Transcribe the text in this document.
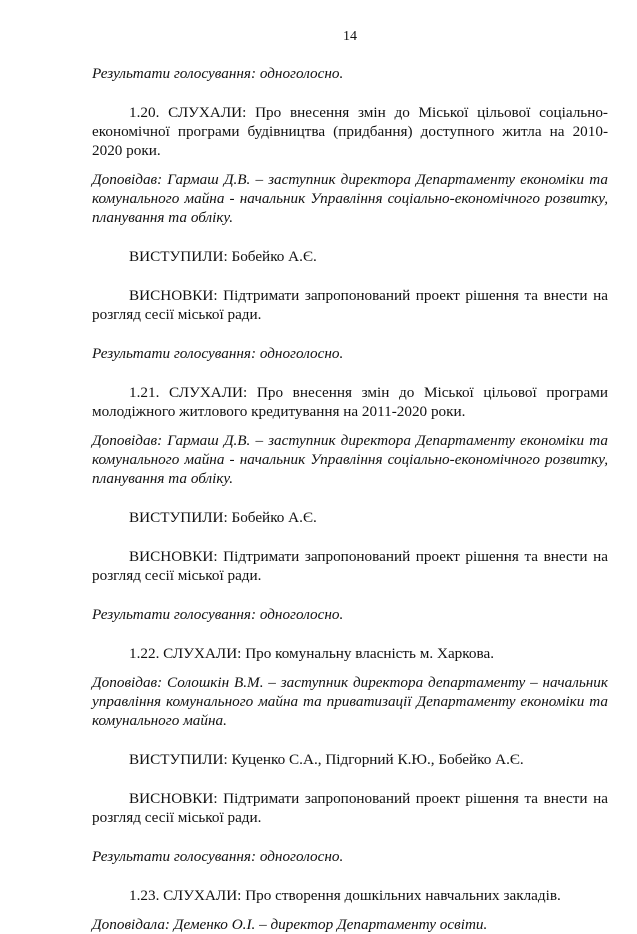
14

Результати голосування: одноголосно.

1.20. СЛУХАЛИ: Про внесення змін до Міської цільової соціально-економічної програми будівництва (придбання) доступного житла на 2010-2020 роки.

Доповідав: Гармаш Д.В. – заступник директора Департаменту економіки та комунального майна - начальник Управління соціально-економічного розвитку, планування та обліку.

ВИСТУПИЛИ: Бобейко А.Є.

ВИСНОВКИ: Підтримати запропонований проект рішення та внести на розгляд сесії міської ради.

Результати голосування: одноголосно.

1.21. СЛУХАЛИ: Про внесення змін до Міської цільової програми молодіжного житлового кредитування на 2011-2020 роки.

Доповідав: Гармаш Д.В. – заступник директора Департаменту економіки та комунального майна - начальник Управління соціально-економічного розвитку, планування та обліку.

ВИСТУПИЛИ: Бобейко А.Є.

ВИСНОВКИ: Підтримати запропонований проект рішення та внести на розгляд сесії міської ради.

Результати голосування: одноголосно.

1.22. СЛУХАЛИ: Про комунальну власність м. Харкова.

Доповідав: Солошкін В.М. – заступник директора департаменту – начальник управління комунального майна та приватизації Департаменту економіки та комунального майна.

ВИСТУПИЛИ: Куценко С.А., Підгорний К.Ю., Бобейко А.Є.

ВИСНОВКИ: Підтримати запропонований проект рішення та внести на розгляд сесії міської ради.

Результати голосування: одноголосно.

1.23. СЛУХАЛИ: Про створення дошкільних навчальних закладів.

Доповідала: Деменко О.І. – директор Департаменту освіти.
